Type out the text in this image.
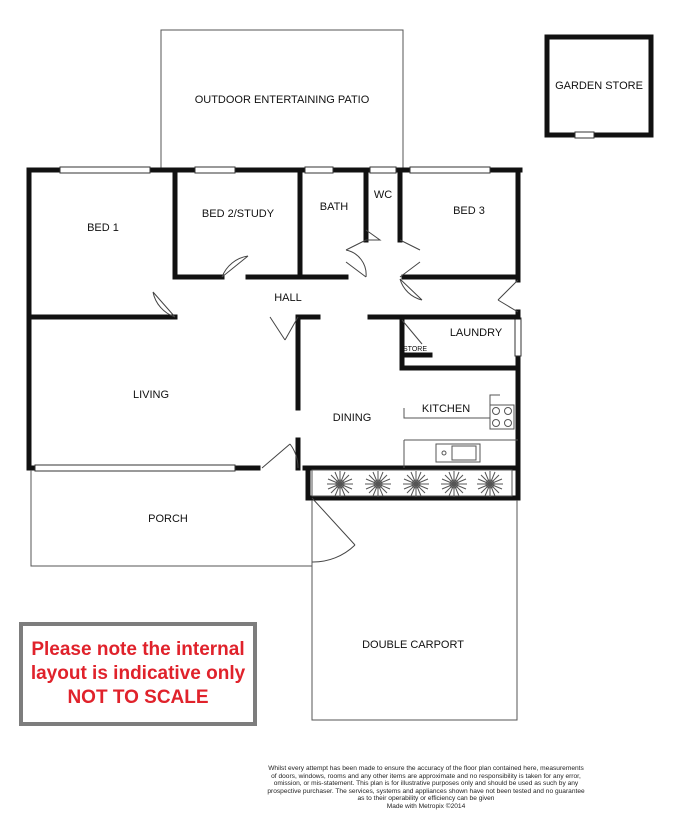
OUTDOOR ENTERTAINING PATIO
GARDEN STORE
BED 1
BED 2/STUDY
BATH
WC
BED 3
HALL
LAUNDRY
STORE
LIVING
DINING
KITCHEN
PORCH
DOUBLE CARPORT
Please note the internal
layout is indicative only
NOT TO SCALE
Whilst every attempt has been made to ensure the accuracy of the floor plan contained here, measurements
of doors, windows, rooms and any other items are approximate and no responsibility is taken for any error,
omission, or mis-statement. This plan is for illustrative purposes only and should be used as such by any
prospective purchaser. The services, systems and appliances shown have not been tested and no guarantee
as to their operability or efficiency can be given
Made with Metropix ©2014
